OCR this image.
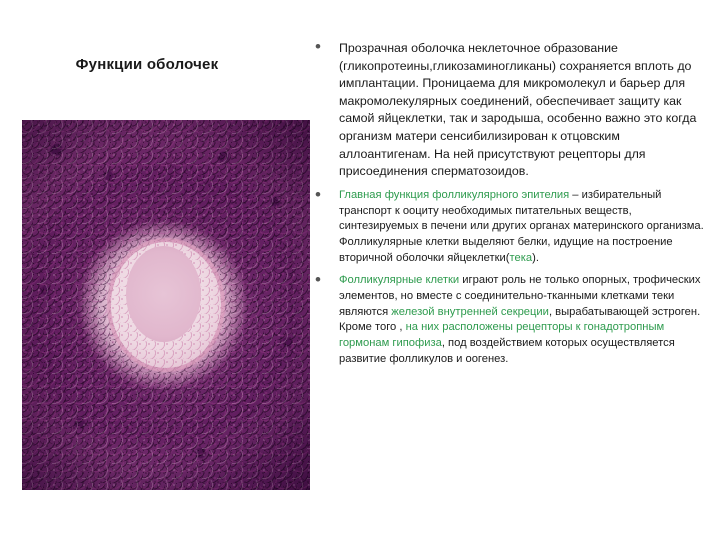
Функции оболочек
• Прозрачная оболочка неклеточное образование (гликопротеины,гликозаминогликаны) сохраняется вплоть до имплантации. Проницаема для микромолекул и барьер для макромолекулярных соединений, обеспечивает защиту как самой яйцеклетки, так и зародыша, особенно важно это когда организм матери сенсибилизирован к отцовским аллоантигенам. На ней присутствуют рецепторы для присоединения сперматозоидов.
• Главная функция фолликулярного эпителия – избирательный транспорт к ооциту необходимых питательных веществ, синтезируемых в печени или других органах материнского организма. Фолликулярные клетки выделяют белки, идущие на построение вторичной оболочки яйцеклетки(тека).
• Фолликулярные клетки играют роль не только опорных, трофических элементов, но вместе с соединительно-тканными клетками теки являются железой внутренней секреции, вырабатывающей эстроген. Кроме того , на них расположены рецепторы к гонадотропным гормонам гипофиза, под воздействием которых осуществляется развитие фолликулов и оогенез.
